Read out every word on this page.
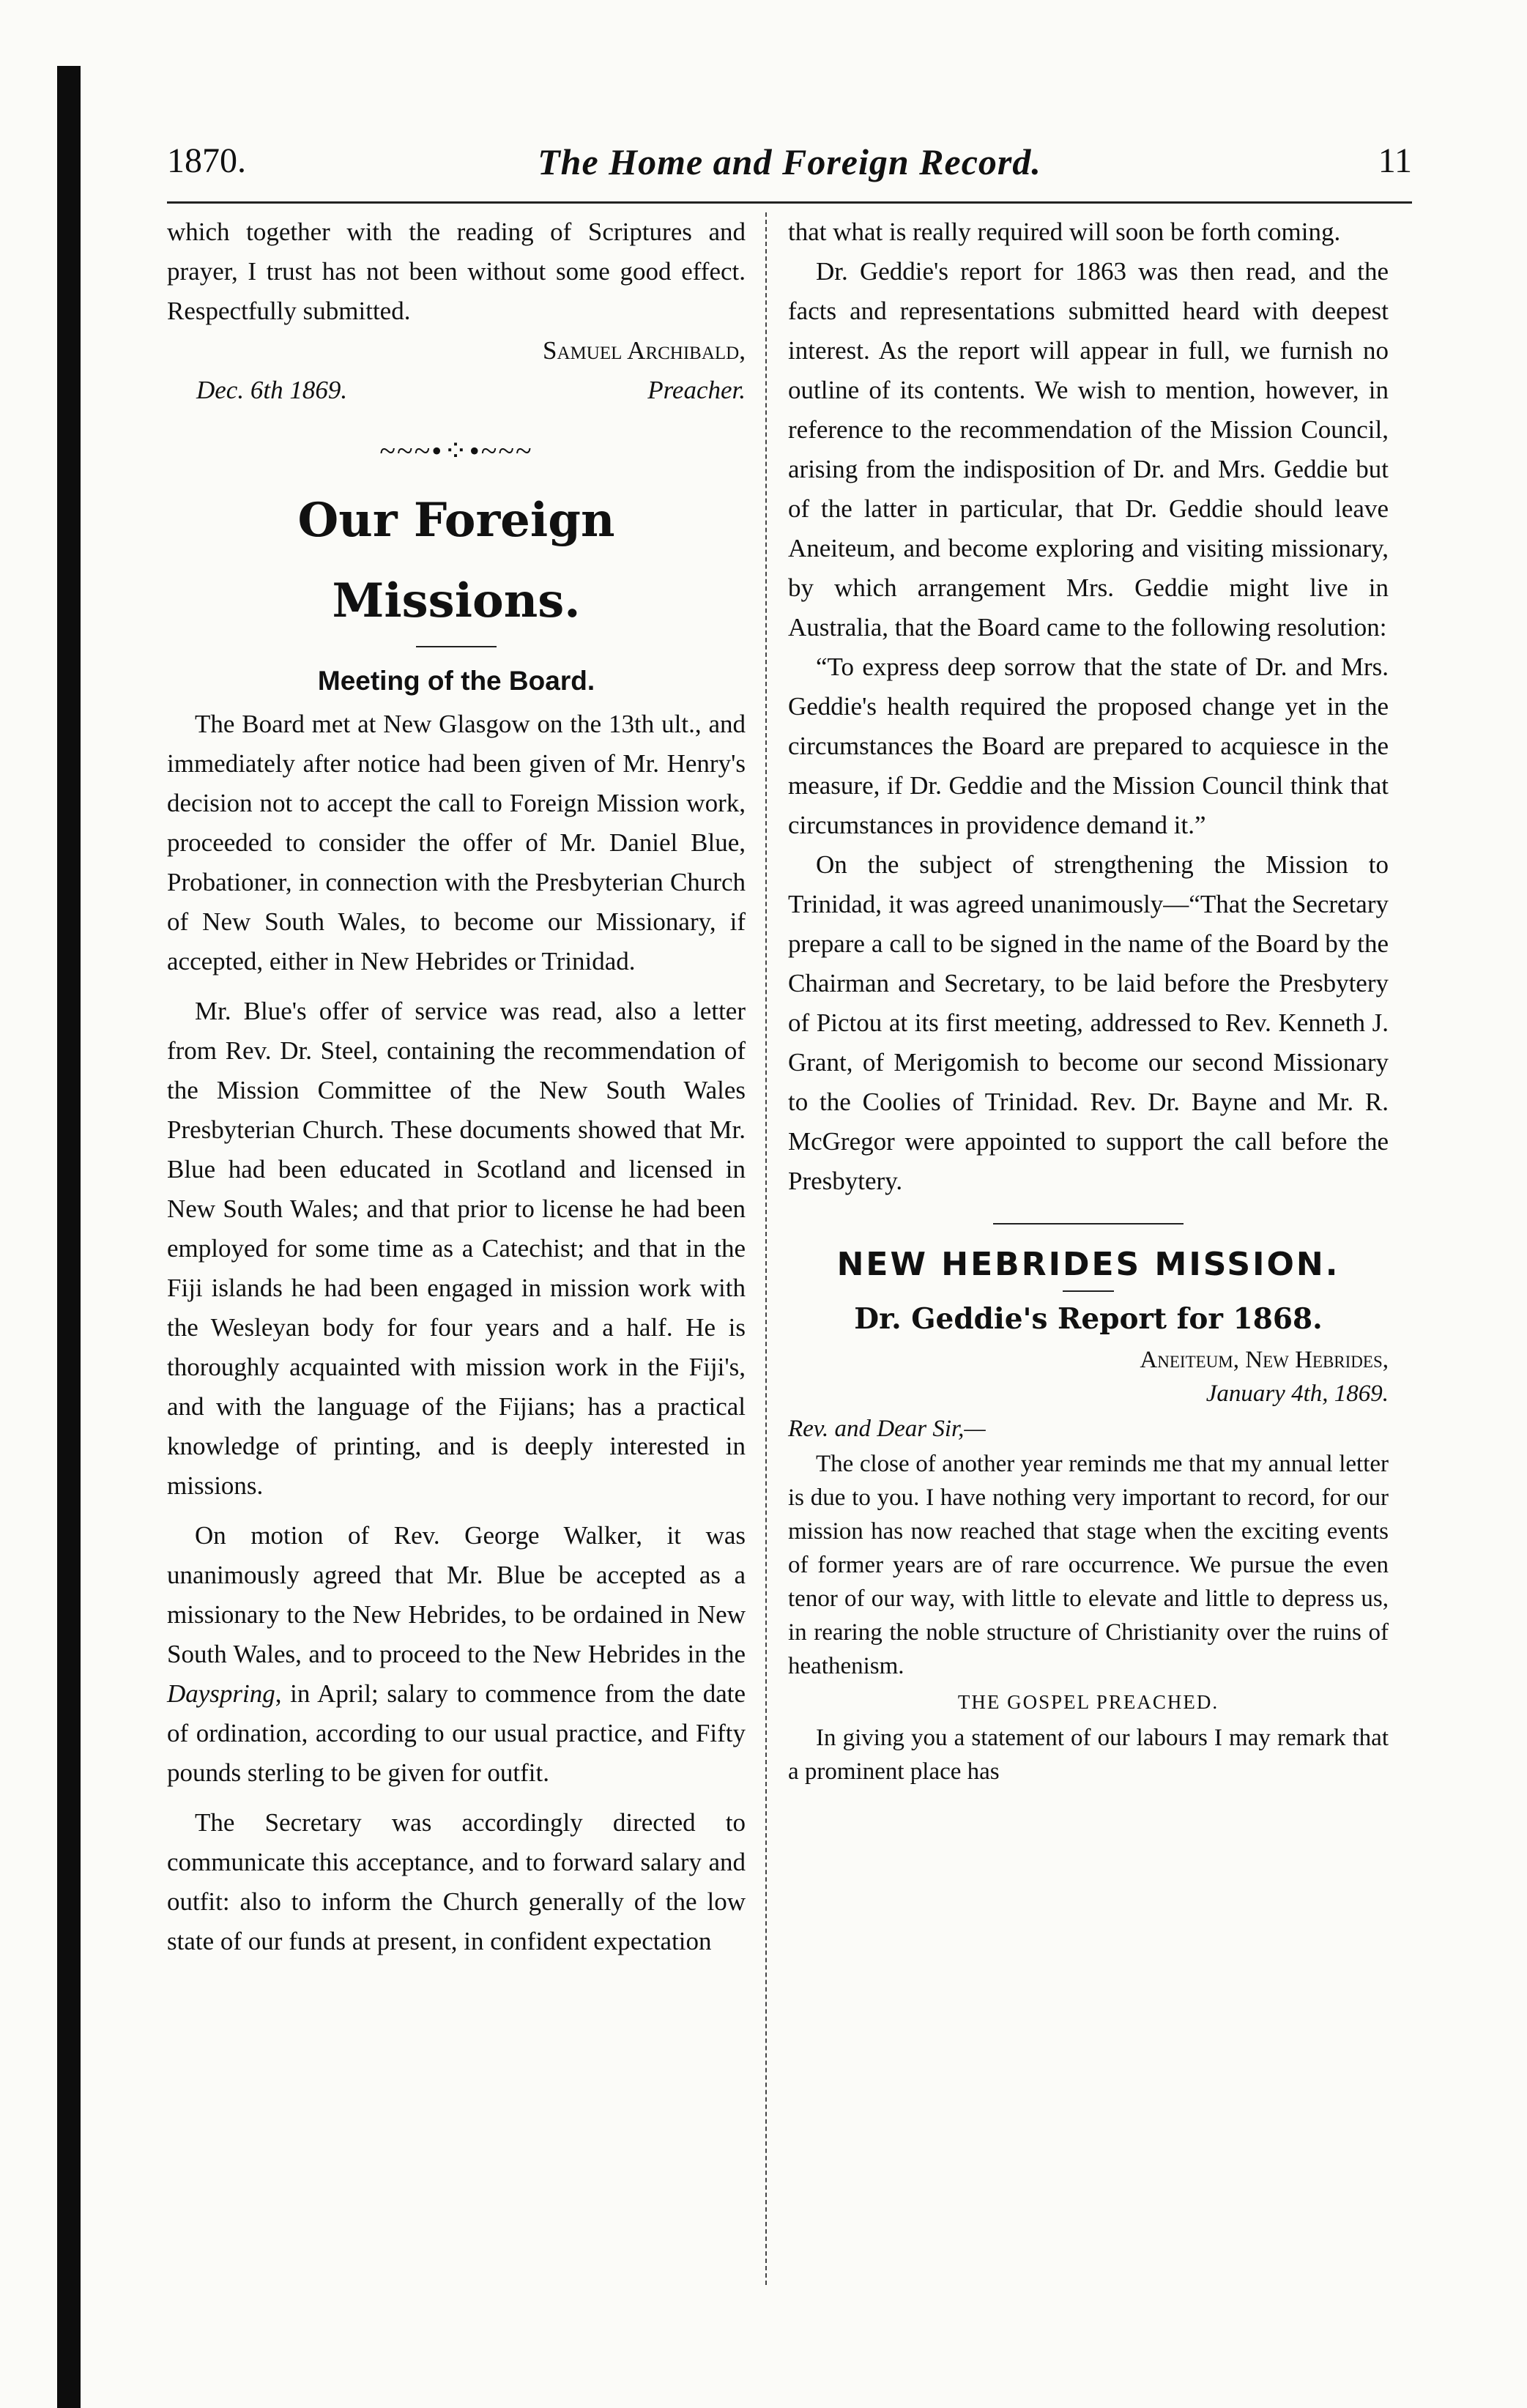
1870.	The Home and Foreign Record.	11

which together with the reading of Scriptures and prayer, I trust has not been without some good effect. Respectfully submitted.

Samuel Archibald,

Dec. 6th 1869.	Preacher.
~~~•⁘•~~~
Our Foreign Missions.
Meeting of the Board.

The Board met at New Glasgow on the 13th ult., and immediately after notice had been given of Mr. Henry's decision not to accept the call to Foreign Mission work, proceeded to consider the offer of Mr. Daniel Blue, Probationer, in connection with the Presbyterian Church of New South Wales, to become our Missionary, if accepted, either in New Hebrides or Trinidad.

Mr. Blue's offer of service was read, also a letter from Rev. Dr. Steel, containing the recommendation of the Mission Committee of the New South Wales Presbyterian Church. These documents showed that Mr. Blue had been educated in Scotland and licensed in New South Wales; and that prior to license he had been employed for some time as a Catechist; and that in the Fiji islands he had been engaged in mission work with the Wesleyan body for four years and a half. He is thoroughly acquainted with mission work in the Fiji's, and with the language of the Fijians; has a practical knowledge of printing, and is deeply interested in missions.

On motion of Rev. George Walker, it was unanimously agreed that Mr. Blue be accepted as a missionary to the New Hebrides, to be ordained in New South Wales, and to proceed to the New Hebrides in the Dayspring, in April; salary to commence from the date of ordination, according to our usual practice, and Fifty pounds sterling to be given for outfit.

The Secretary was accordingly directed to communicate this acceptance, and to forward salary and outfit: also to inform the Church generally of the low state of our funds at present, in confident expectation

that what is really required will soon be forth coming.

Dr. Geddie's report for 1863 was then read, and the facts and representations submitted heard with deepest interest. As the report will appear in full, we furnish no outline of its contents. We wish to mention, however, in reference to the recommendation of the Mission Council, arising from the indisposition of Dr. and Mrs. Geddie but of the latter in particular, that Dr. Geddie should leave Aneiteum, and become exploring and visiting missionary, by which arrangement Mrs. Geddie might live in Australia, that the Board came to the following resolution:

“To express deep sorrow that the state of Dr. and Mrs. Geddie's health required the proposed change yet in the circumstances the Board are prepared to acquiesce in the measure, if Dr. Geddie and the Mission Council think that circumstances in providence demand it.”

On the subject of strengthening the Mission to Trinidad, it was agreed unanimously—“That the Secretary prepare a call to be signed in the name of the Board by the Chairman and Secretary, to be laid before the Presbytery of Pictou at its first meeting, addressed to Rev. Kenneth J. Grant, of Merigomish to become our second Missionary to the Coolies of Trinidad. Rev. Dr. Bayne and Mr. R. McGregor were appointed to support the call before the Presbytery.

NEW HEBRIDES MISSION.
Dr. Geddie's Report for 1868.
Aneiteum, New Hebrides,
January 4th, 1869.

Rev. and Dear Sir,—

The close of another year reminds me that my annual letter is due to you. I have nothing very important to record, for our mission has now reached that stage when the exciting events of former years are of rare occurrence. We pursue the even tenor of our way, with little to elevate and little to depress us, in rearing the noble structure of Christianity over the ruins of heathenism.

THE GOSPEL PREACHED.

In giving you a statement of our labours I may remark that a prominent place has
